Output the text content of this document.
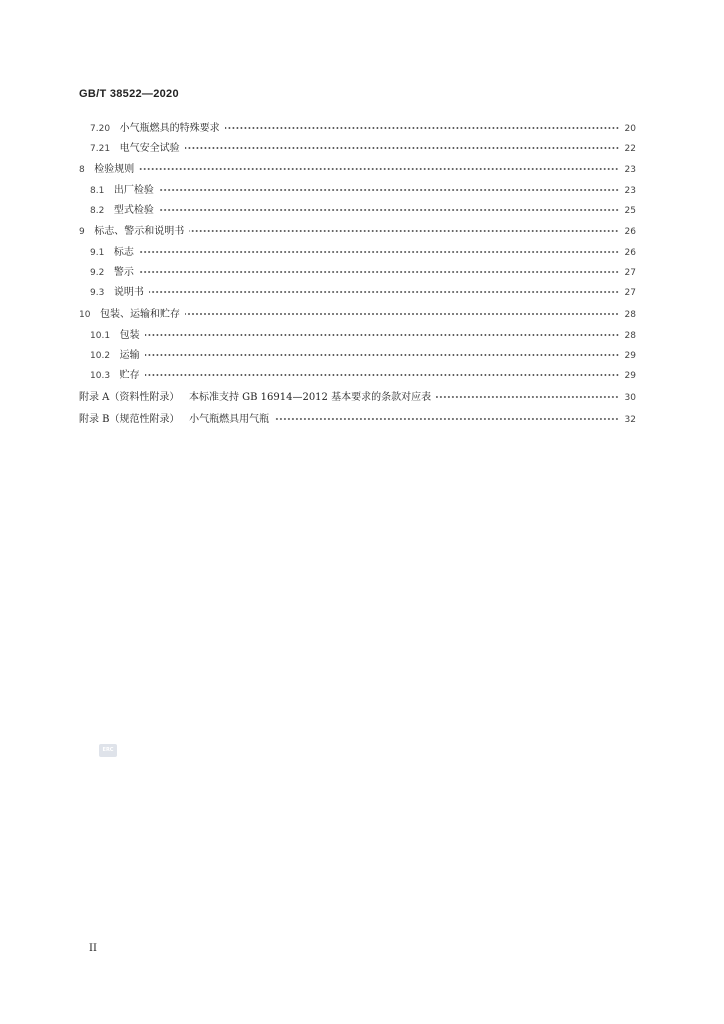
GB/T 38522—2020
7.20 小气瓶燃具的特殊要求	20
7.21 电气安全试验	22
8 检验规则	23
8.1 出厂检验	23
8.2 型式检验	25
9 标志、警示和说明书	26
9.1 标志	26
9.2 警示	27
9.3 说明书	27
10 包装、运输和贮存	28
10.1 包装	28
10.2 运输	29
10.3 贮存	29
附录 A（资料性附录） 本标准支持 GB 16914—2012 基本要求的条款对应表	30
附录 B（规范性附录） 小气瓶燃具用气瓶	32
ERC
II
